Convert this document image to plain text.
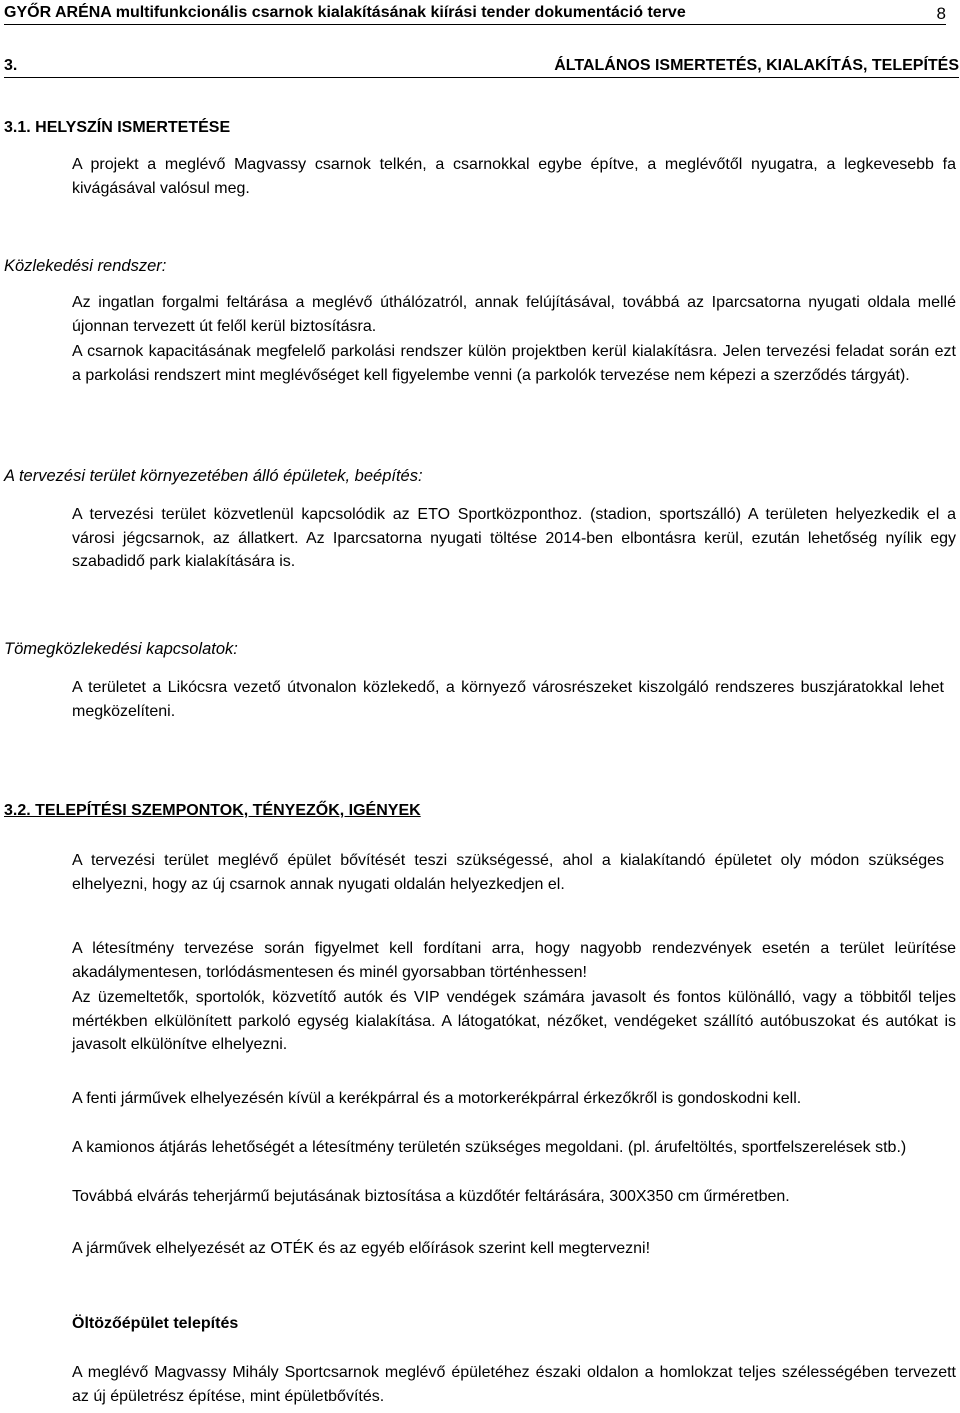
GYŐR ARÉNA multifunkcionális csarnok kialakításának kiírási tender dokumentáció terve	8
3.	ÁLTALÁNOS ISMERTETÉS, KIALAKÍTÁS, TELEPÍTÉS
3.1. HELYSZÍN ISMERTETÉSE
A projekt a meglévő Magvassy csarnok telkén, a csarnokkal egybe építve, a meglévőtől nyugatra, a legkevesebb fa kivágásával valósul meg.
Közlekedési rendszer:
Az ingatlan forgalmi feltárása a meglévő úthálózatról, annak felújításával, továbbá az Iparcsatorna nyugati oldala mellé újonnan tervezett út felől kerül biztosításra.
A csarnok kapacitásának megfelelő parkolási rendszer külön projektben kerül kialakításra. Jelen tervezési feladat során ezt a parkolási rendszert mint meglévőséget kell figyelembe venni (a parkolók tervezése nem képezi a szerződés tárgyát).
A tervezési terület környezetében álló épületek, beépítés:
A tervezési terület közvetlenül kapcsolódik az ETO Sportközponthoz. (stadion, sportszálló) A területen helyezkedik el a városi jégcsarnok, az állatkert. Az Iparcsatorna nyugati töltése 2014-ben elbontásra kerül, ezután lehetőség nyílik egy szabadidő park kialakítására is.
Tömegközlekedési kapcsolatok:
A területet a Likócsra vezető útvonalon közlekedő, a környező városrészeket kiszolgáló rendszeres buszjáratokkal lehet megközelíteni.
3.2. TELEPÍTÉSI SZEMPONTOK, TÉNYEZŐK, IGÉNYEK
A tervezési terület meglévő épület bővítését teszi szükségessé, ahol a kialakítandó épületet oly módon szükséges elhelyezni, hogy az új csarnok annak nyugati oldalán helyezkedjen el.
A létesítmény tervezése során figyelmet kell fordítani arra, hogy nagyobb rendezvények esetén a terület leürítése akadálymentesen, torlódásmentesen és minél gyorsabban történhessen!
Az üzemeltetők, sportolók, közvetítő autók és VIP vendégek számára javasolt és fontos különálló, vagy a többitől teljes mértékben elkülönített parkoló egység kialakítása. A látogatókat, nézőket, vendégeket szállító autóbuszokat és autókat is javasolt elkülönítve elhelyezni.
A fenti járművek elhelyezésén kívül a kerékpárral és a motorkerékpárral érkezőkről is gondoskodni kell.
A kamionos átjárás lehetőségét a létesítmény területén szükséges megoldani. (pl. árufeltöltés, sportfelszerelések stb.)
Továbbá elvárás teherjármű bejutásának biztosítása a küzdőtér feltárására, 300X350 cm űrméretben.
A járművek elhelyezését az OTÉK és az egyéb előírások szerint kell megtervezni!
Öltözőépület telepítés
A meglévő Magvassy Mihály Sportcsarnok meglévő épületéhez északi oldalon a homlokzat teljes szélességében tervezett az új épületrész építése, mint épületbővítés.
